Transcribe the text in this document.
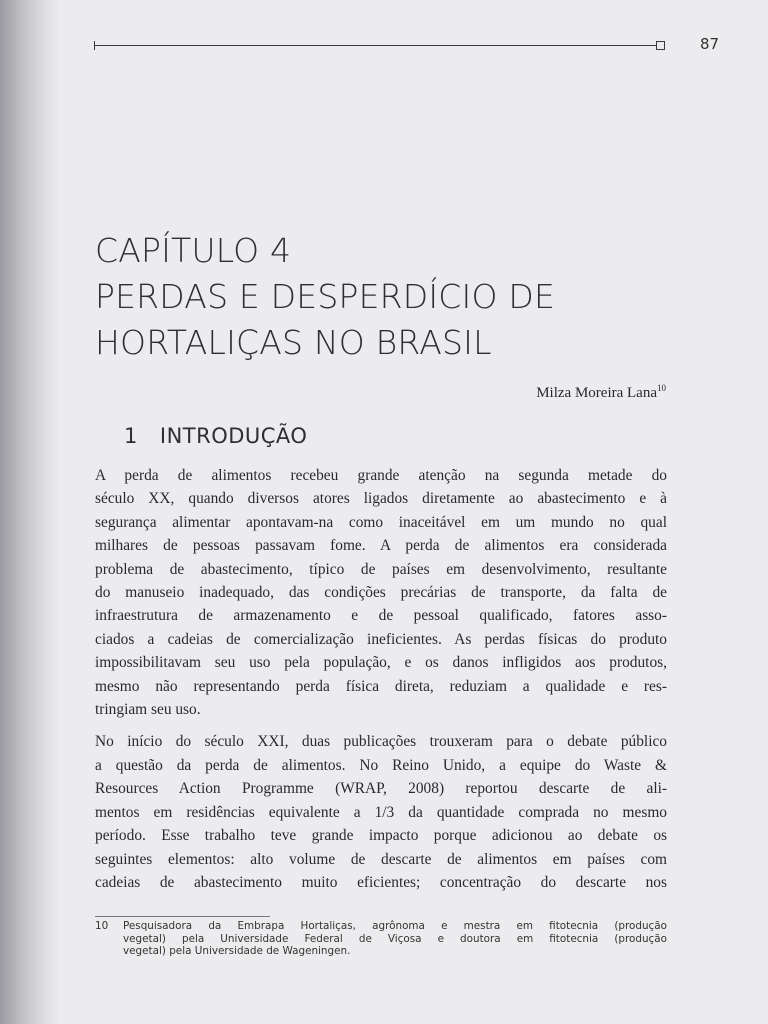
87
CAPÍTULO 4
PERDAS E DESPERDÍCIO DE
HORTALIÇAS NO BRASIL
Milza Moreira Lana$^{10}$
1 INTRODUÇÃO

A perda de alimentos recebeu grande atenção na segunda metade do
século XX, quando diversos atores ligados diretamente ao abastecimento e à
segurança alimentar apontavam-na como inaceitável em um mundo no qual
milhares de pessoas passavam fome. A perda de alimentos era considerada
problema de abastecimento, típico de países em desenvolvimento, resultante
do manuseio inadequado, das condições precárias de transporte, da falta de
infraestrutura de armazenamento e de pessoal qualificado, fatores asso-
ciados a cadeias de comercialização ineficientes. As perdas físicas do produto
impossibilitavam seu uso pela população, e os danos infligidos aos produtos,
mesmo não representando perda física direta, reduziam a qualidade e res-
tringiam seu uso.

No início do século XXI, duas publicações trouxeram para o debate público
a questão da perda de alimentos. No Reino Unido, a equipe do Waste &
Resources Action Programme (WRAP, 2008) reportou descarte de ali-
mentos em residências equivalente a 1/3 da quantidade comprada no mesmo
período. Esse trabalho teve grande impacto porque adicionou ao debate os
seguintes elementos: alto volume de descarte de alimentos em países com
cadeias de abastecimento muito eficientes; concentração do descarte nos

10 Pesquisadora da Embrapa Hortaliças, agrônoma e mestra em fitotecnia (produção
vegetal) pela Universidade Federal de Viçosa e doutora em fitotecnia (produção
vegetal) pela Universidade de Wageningen.
